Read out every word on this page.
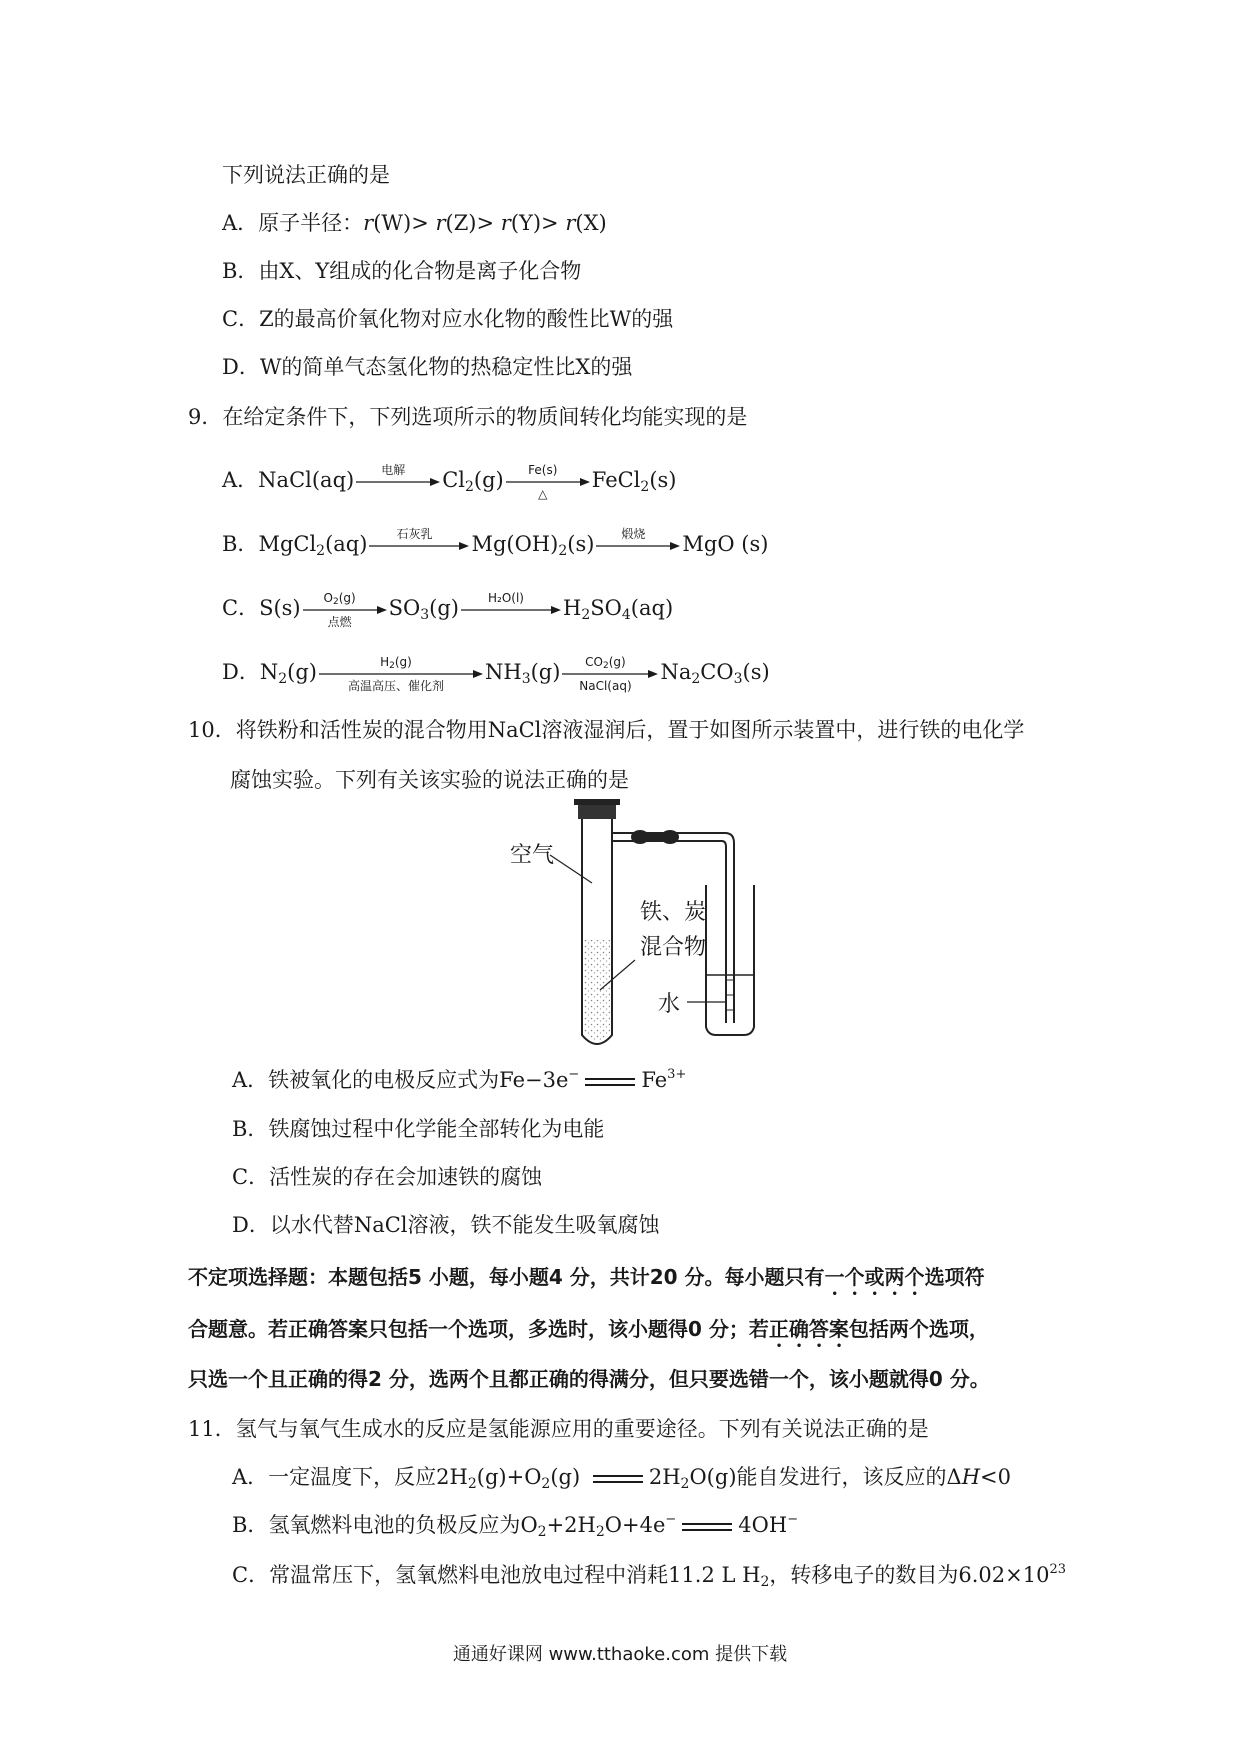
下列说法正确的是
A．原子半径：r(W)> r(Z)> r(Y)> r(X)
B．由X、Y组成的化合物是离子化合物
C．Z的最高价氧化物对应水化物的酸性比W的强
D．W的简单气态氢化物的热稳定性比X的强
9．在给定条件下，下列选项所示的物质间转化均能实现的是
A．NaCl(aq)	电解	$Cl_2(g)$	Fe(s)
△
FeCl$_2$(s)
B．MgCl$_2$(aq)	石灰乳	$Mg(OH)_2(s)$	煅烧	MgO (s)
C．S(s)	$O_2(g)$
点燃
$SO_3(g)$	H₂O(l)	$H_2SO_4(aq)$
D．$N_2(g)$	$H_2(g)$
高温高压、催化剂
$NH_3(g)$	$CO_2(g)$
NaCl(aq)
$Na_2CO_3(s)$
10．将铁粉和活性炭的混合物用NaCl溶液湿润后，置于如图所示装置中，进行铁的电化学
腐蚀实验。下列有关该实验的说法正确的是
空气
铁、炭
混合物
水
A．铁被氧化的电极反应式为Fe−3e−	$Fe^{3+}$
B．铁腐蚀过程中化学能全部转化为电能
C．活性炭的存在会加速铁的腐蚀
D．以水代替NaCl溶液，铁不能发生吸氧腐蚀
不定项选择题：本题包括5 小题，每小题4 分，共计20 分。每小题只有一个或两个选项符
合题意。若正确答案只包括一个选项，多选时，该小题得0 分；若正确答案包括两个选项，
只选一个且正确的得2 分，选两个且都正确的得满分，但只要选错一个，该小题就得0 分。
11．氢气与氧气生成水的反应是氢能源应用的重要途径。下列有关说法正确的是
A．一定温度下，反应$2H_2(g)+O_2(g)$	$2H_2O(g)$能自发进行，该反应的ΔH<0
B．氢氧燃料电池的负极反应为$O_2+2H_2O+4e^-$	4OH−
C．常温常压下，氢氧燃料电池放电过程中消耗11.2 L $H_2$，转移电子的数目为$6.02\times 10^{23}$
通通好课网 www.tthaoke.com 提供下载
